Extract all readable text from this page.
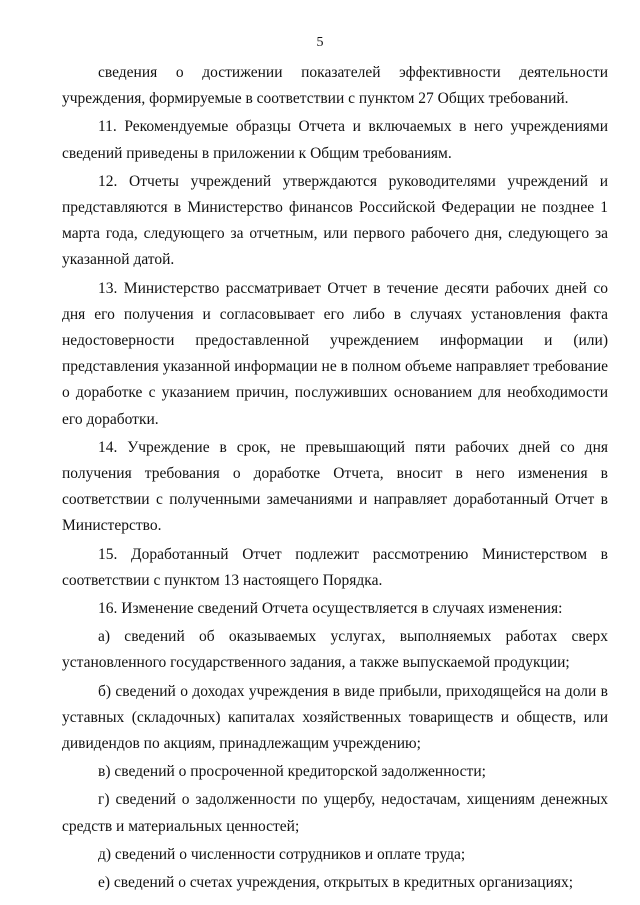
5

сведения о достижении показателей эффективности деятельности учреждения, формируемые в соответствии с пунктом 27 Общих требований.

11. Рекомендуемые образцы Отчета и включаемых в него учреждениями сведений приведены в приложении к Общим требованиям.

12. Отчеты учреждений утверждаются руководителями учреждений и представляются в Министерство финансов Российской Федерации не позднее 1 марта года, следующего за отчетным, или первого рабочего дня, следующего за указанной датой.

13. Министерство рассматривает Отчет в течение десяти рабочих дней со дня его получения и согласовывает его либо в случаях установления факта недостоверности предоставленной учреждением информации и (или) представления указанной информации не в полном объеме направляет требование о доработке с указанием причин, послуживших основанием для необходимости его доработки.

14. Учреждение в срок, не превышающий пяти рабочих дней со дня получения требования о доработке Отчета, вносит в него изменения в соответствии с полученными замечаниями и направляет доработанный Отчет в Министерство.

15. Доработанный Отчет подлежит рассмотрению Министерством в соответствии с пунктом 13 настоящего Порядка.

16. Изменение сведений Отчета осуществляется в случаях изменения:

а) сведений об оказываемых услугах, выполняемых работах сверх установленного государственного задания, а также выпускаемой продукции;

б) сведений о доходах учреждения в виде прибыли, приходящейся на доли в уставных (складочных) капиталах хозяйственных товариществ и обществ, или дивидендов по акциям, принадлежащим учреждению;

в) сведений о просроченной кредиторской задолженности;

г) сведений о задолженности по ущербу, недостачам, хищениям денежных средств и материальных ценностей;

д) сведений о численности сотрудников и оплате труда;

е) сведений о счетах учреждения, открытых в кредитных организациях;
